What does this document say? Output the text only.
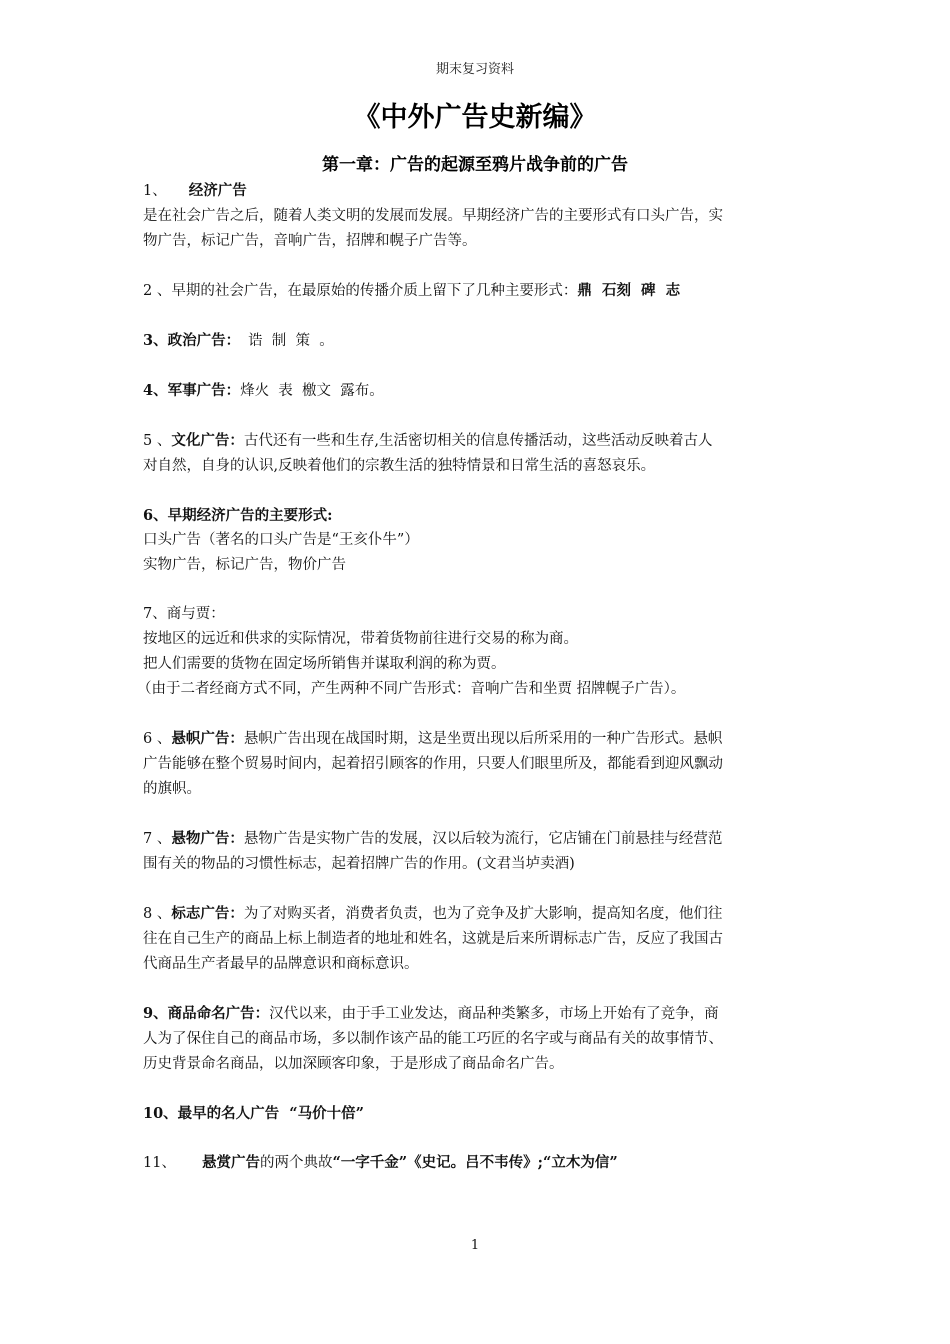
期末复习资料
《中外广告史新编》
第一章：广告的起源至鸦片战争前的广告
1、 经济广告
是在社会广告之后，随着人类文明的发展而发展。早期经济广告的主要形式有口头广告，实
物广告，标记广告，音响广告，招牌和幌子广告等。
2 、早期的社会广告，在最原始的传播介质上留下了几种主要形式：鼎  石刻  碑  志
3、政治广告： 诰  制  策  。
4、军事广告：烽火  表  檄文  露布。
5 、文化广告：古代还有一些和生存,生活密切相关的信息传播活动，这些活动反映着古人
对自然，自身的认识,反映着他们的宗教生活的独特情景和日常生活的喜怒哀乐。
6、早期经济广告的主要形式:
口头广告（著名的口头广告是“王亥仆牛”）
实物广告，标记广告，物价广告
7、商与贾：
按地区的远近和供求的实际情况，带着货物前往进行交易的称为商。
把人们需要的货物在固定场所销售并谋取利润的称为贾。
（由于二者经商方式不同，产生两种不同广告形式：音响广告和坐贾 招牌幌子广告）。
6 、悬帜广告：悬帜广告出现在战国时期，这是坐贾出现以后所采用的一种广告形式。悬帜
广告能够在整个贸易时间内，起着招引顾客的作用，只要人们眼里所及，都能看到迎风飘动
的旗帜。
7 、悬物广告：悬物广告是实物广告的发展，汉以后较为流行，它店铺在门前悬挂与经营范
围有关的物品的习惯性标志，起着招牌广告的作用。(文君当垆卖酒)
8 、标志广告：为了对购买者，消费者负责，也为了竞争及扩大影响，提高知名度，他们往
往在自己生产的商品上标上制造者的地址和姓名，这就是后来所谓标志广告，反应了我国古
代商品生产者最早的品牌意识和商标意识。
9、商品命名广告：汉代以来，由于手工业发达，商品种类繁多，市场上开始有了竞争，商
人为了保住自己的商品市场，多以制作该产品的能工巧匠的名字或与商品有关的故事情节、
历史背景命名商品，以加深顾客印象，于是形成了商品命名广告。
10、最早的名人广告  “马价十倍”
11、 悬赏广告的两个典故“一字千金”《史记。吕不韦传》;“立木为信”
1
